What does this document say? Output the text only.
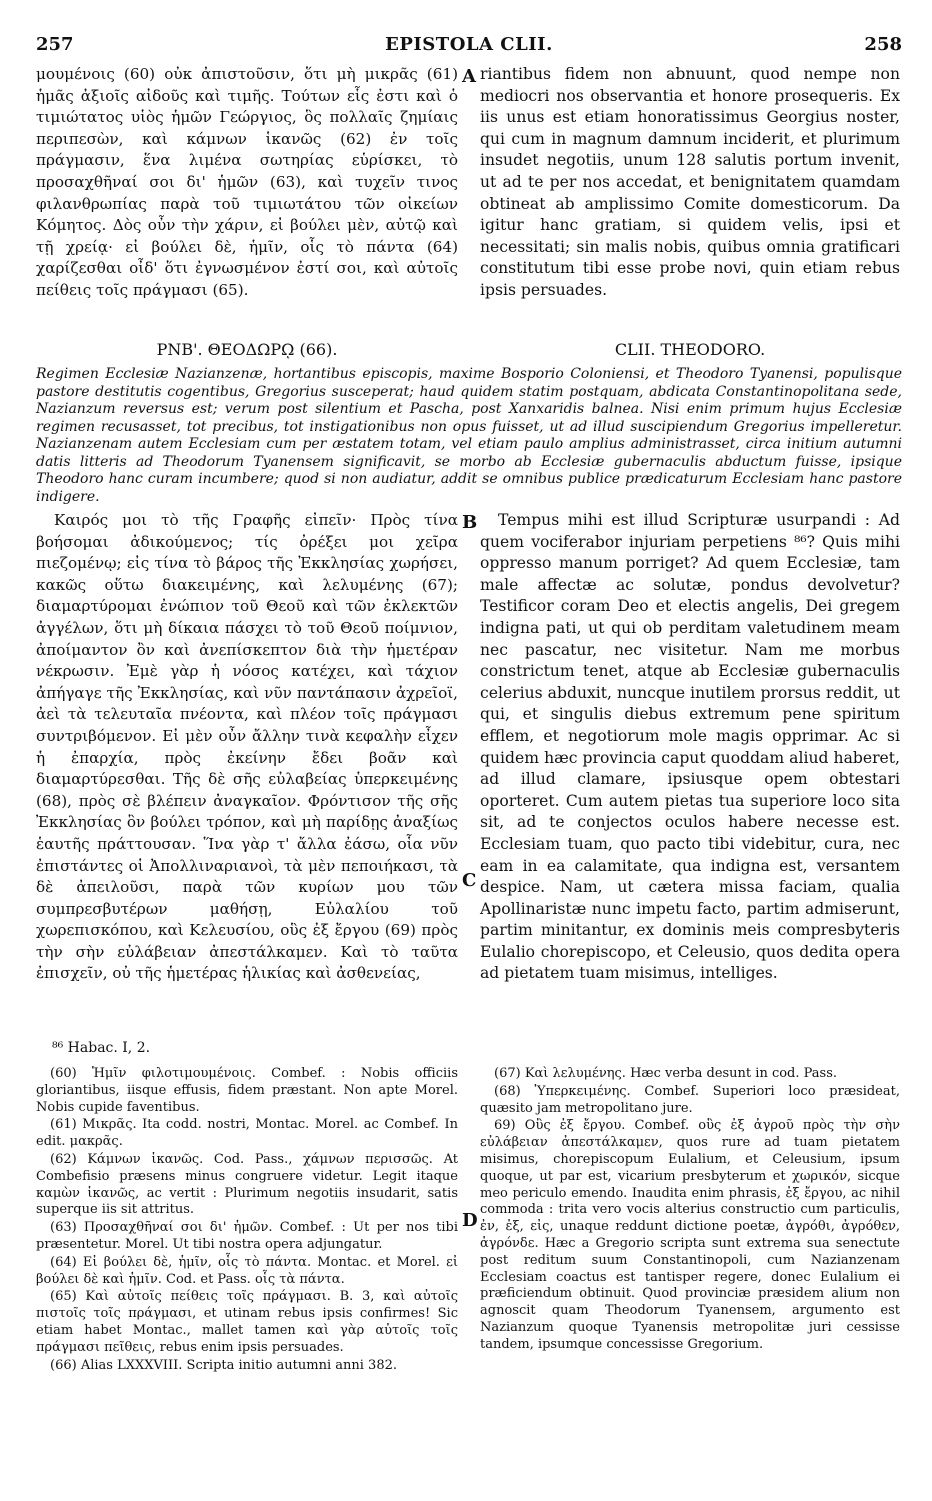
257	EPISTOLA CLII.	258

μουμένοις (60) οὐκ ἀπιστοῦσιν, ὅτι μὴ μικρᾶς (61) ἡμᾶς ἀξιοῖς αἰδοῦς καὶ τιμῆς. Τούτων εἷς ἐστι καὶ ὁ τιμιώτατος υἱὸς ἡμῶν Γεώργιος, ὃς πολλαῖς ζημίαις περιπεσὼν, καὶ κάμνων ἱκανῶς (62) ἐν τοῖς πράγμασιν, ἕνα λιμένα σωτηρίας εὑρίσκει, τὸ προσαχθῆναί σοι δι' ἡμῶν (63), καὶ τυχεῖν τινος φιλανθρωπίας παρὰ τοῦ τιμιωτάτου τῶν οἰκείων Κόμητος. Δὸς οὖν τὴν χάριν, εἰ βούλει μὲν, αὐτῷ καὶ τῇ χρείᾳ· εἰ βούλει δὲ, ἡμῖν, οἷς τὸ πάντα (64) χαρίζεσθαι οἶδ' ὅτι ἐγνωσμένον ἐστί σοι, καὶ αὐτοῖς πείθεις τοῖς πράγμασι (65).

A riantibus fidem non abnuunt, quod nempe non mediocri nos observantia et honore prosequeris. Ex iis unus est etiam honoratissimus Georgius noster, qui cum in magnum damnum inciderit, et plurimum insudet negotiis, unum 128 salutis portum invenit, ut ad te per nos accedat, et benignitatem quamdam obtineat ab amplissimo Comite domesticorum. Da igitur hanc gratiam, si quidem velis, ipsi et necessitati; sin malis nobis, quibus omnia gratificari constitutum tibi esse probe novi, quin etiam rebus ipsis persuades.

ΡΝΒ'. ΘΕΟΔΩΡῼ (66).	CLII. THEODORO.
Regimen Ecclesiæ Nazianzenæ, hortantibus episcopis, maxime Bosporio Coloniensi, et Theodoro Tyanensi, populisque pastore destitutis cogentibus, Gregorius susceperat; haud quidem statim postquam, abdicata Constantinopolitana sede, Nazianzum reversus est; verum post silentium et Pascha, post Xanxaridis balnea. Nisi enim primum hujus Ecclesiæ regimen recusasset, tot precibus, tot instigationibus non opus fuisset, ut ad illud suscipiendum Gregorius impelleretur. Nazianzenam autem Ecclesiam cum per æstatem totam, vel etiam paulo amplius administrasset, circa initium autumni datis litteris ad Theodorum Tyanensem significavit, se morbo ab Ecclesiæ gubernaculis abductum fuisse, ipsique Theodoro hanc curam incumbere; quod si non audiatur, addit se omnibus publice prædicaturum Ecclesiam hanc pastore indigere.

Καιρός μοι τὸ τῆς Γραφῆς εἰπεῖν· Πρὸς τίνα βοήσομαι ἀδικούμενος; τίς ὀρέξει μοι χεῖρα πιεζομένῳ; εἰς τίνα τὸ βάρος τῆς Ἐκκλησίας χωρήσει, κακῶς οὕτω διακειμένης, καὶ λελυμένης (67); διαμαρτύρομαι ἐνώπιον τοῦ Θεοῦ καὶ τῶν ἐκλεκτῶν ἀγγέλων, ὅτι μὴ δίκαια πάσχει τὸ τοῦ Θεοῦ ποίμνιον, ἀποίμαντον ὂν καὶ ἀνεπίσκεπτον διὰ τὴν ἡμετέραν νέκρωσιν. Ἐμὲ γὰρ ἡ νόσος κατέχει, καὶ τάχιον ἀπήγαγε τῆς Ἐκκλησίας, καὶ νῦν παντάπασιν ἀχρεῖοϊ, ἀεὶ τὰ τελευταῖα πνέοντα, καὶ πλέον τοῖς πράγμασι συντριβόμενον. Εἰ μὲν οὖν ἄλλην τινὰ κεφαλὴν εἶχεν ἡ ἐπαρχία, πρὸς ἐκείνην ἔδει βοᾶν καὶ διαμαρτύρεσθαι. Τῆς δὲ σῆς εὐλαβείας ὑπερκειμένης (68), πρὸς σὲ βλέπειν ἀναγκαῖον. Φρόντισον τῆς σῆς Ἐκκλησίας ὃν βούλει τρόπον, καὶ μὴ παρίδῃς ἀναξίως ἑαυτῆς πράττουσαν. Ἵνα γὰρ τ' ἄλλα ἐάσω, οἷα νῦν ἐπιστάντες οἱ Ἀπολλιναριανοὶ, τὰ μὲν πεποιήκασι, τὰ δὲ ἀπειλοῦσι, παρὰ τῶν κυρίων μου τῶν συμπρεσβυτέρων μαθήσῃ, Εὐλαλίου τοῦ χωρεπισκόπου, καὶ Κελευσίου, οὓς ἐξ ἔργου (69) πρὸς τὴν σὴν εὐλάβειαν ἀπεστάλκαμεν. Καὶ τὸ ταῦτα ἐπισχεῖν, οὐ τῆς ἡμετέρας ἡλικίας καὶ ἀσθενείας,

B
C

Tempus mihi est illud Scripturæ usurpandi : Ad quem vociferabor injuriam perpetiens ⁸⁶? Quis mihi oppresso manum porriget? Ad quem Ecclesiæ, tam male affectæ ac solutæ, pondus devolvetur? Testificor coram Deo et electis angelis, Dei gregem indigna pati, ut qui ob perditam valetudinem meam nec pascatur, nec visitetur. Nam me morbus constrictum tenet, atque ab Ecclesiæ gubernaculis celerius abduxit, nuncque inutilem prorsus reddit, ut qui, et singulis diebus extremum pene spiritum efflem, et negotiorum mole magis opprimar. Ac si quidem hæc provincia caput quoddam aliud haberet, ad illud clamare, ipsiusque opem obtestari oporteret. Cum autem pietas tua superiore loco sita sit, ad te conjectos oculos habere necesse est. Ecclesiam tuam, quo pacto tibi videbitur, cura, nec eam in ea calamitate, qua indigna est, versantem despice. Nam, ut cætera missa faciam, qualia Apollinaristæ nunc impetu facto, partim admiserunt, partim minitantur, ex dominis meis compresbyteris Eulalio chorepiscopo, et Celeusio, quos dedita opera ad pietatem tuam misimus, intelliges.

⁸⁶ Habac. I, 2.

(60) Ἡμῖν φιλοτιμουμένοις. Combef. : Nobis officiis gloriantibus, iisque effusis, fidem præstant. Non apte Morel. Nobis cupide faventibus.

(61) Μικρᾶς. Ita codd. nostri, Montac. Morel. ac Combef. In edit. μακρᾶς.

(62) Κάμνων ἱκανῶς. Cod. Pass., χάμνων περισσῶς. At Combefisio præsens minus congruere videtur. Legit itaque καμὼν ἱκανῶς, ac vertit : Plurimum negotiis insudarit, satis superque iis sit attritus.

(63) Προσαχθῆναί σοι δι' ἡμῶν. Combef. : Ut per nos tibi præsentetur. Morel. Ut tibi nostra opera adjungatur.

(64) Εἰ βούλει δὲ, ἡμῖν, οἷς τὸ πάντα. Montac. et Morel. εἰ βούλει δὲ καὶ ἡμῖν. Cod. et Pass. οἷς τὰ πάντα.

(65) Καὶ αὐτοῖς πείθεις τοῖς πράγμασι. B. 3, καὶ αὐτοῖς πιστοῖς τοῖς πράγμασι, et utinam rebus ipsis confirmes! Sic etiam habet Montac., mallet tamen καὶ γὰρ αὐτοῖς τοῖς πράγμασι πεῖθεις, rebus enim ipsis persuades.

(66) Alias LXXXVIII. Scripta initio autumni anni 382.

D

(67) Καὶ λελυμένης. Hæc verba desunt in cod. Pass.

(68) Ὑπερκειμένης. Combef. Superiori loco præsideat, quæsito jam metropolitano jure.

69) Οὓς ἐξ ἔργου. Combef. οὓς ἐξ ἀγροῦ πρὸς τὴν σὴν εὐλάβειαν ἀπεστάλκαμεν, quos rure ad tuam pietatem misimus, chorepiscopum Eulalium, et Celeusium, ipsum quoque, ut par est, vicarium presbyterum et χωρικόν, sicque meo periculo emendo. Inaudita enim phrasis, ἐξ ἔργου, ac nihil commoda : trita vero vocis alterius constructio cum particulis, ἐν, ἐξ, εἰς, unaque reddunt dictione poetæ, ἀγρόθι, ἀγρόθεν, ἀγρόνδε. Hæc a Gregorio scripta sunt extrema sua senectute post reditum suum Constantinopoli, cum Nazianzenam Ecclesiam coactus est tantisper regere, donec Eulalium ei præficiendum obtinuit. Quod provinciæ præsidem alium non agnoscit quam Theodorum Tyanensem, argumento est Nazianzum quoque Tyanensis metropolitæ juri cessisse tandem, ipsumque concessisse Gregorium.
